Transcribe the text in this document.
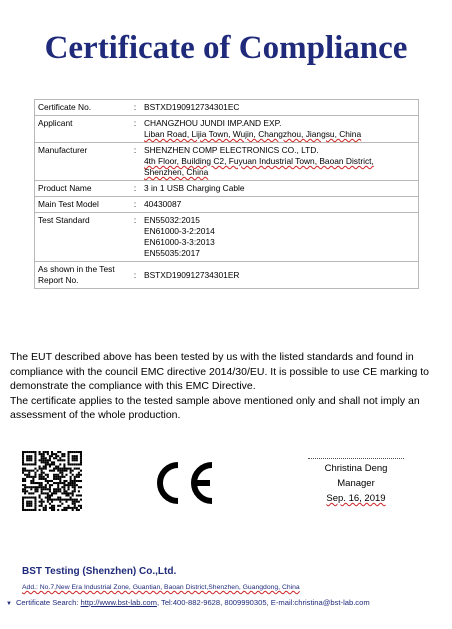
Certificate of Compliance
Certificate No.	:	BSTXD190912734301EC
Applicant	:	CHANGZHOU JUNDI IMP.AND EXP.
Liban Road, Lijia Town, Wujin, Changzhou, Jiangsu, China

Manufacturer	:	SHENZHEN COMP ELECTRONICS CO., LTD.
4th Floor, Building C2, Fuyuan Industrial Town, Baoan District,
Shenzhen, China

Product Name	:	3 in 1 USB Charging Cable
Main Test Model	:	40430087
Test Standard	:	EN55032:2015
EN61000-3-2:2014
EN61000-3-3:2013
EN55035:2017

As shown in the Test Report No.	:	BSTXD190912734301ER

The EUT described above has been tested by us with the listed standards and found in compliance with the council EMC directive 2014/30/EU. It is possible to use CE marking to demonstrate the compliance with this EMC Directive.

The certificate applies to the tested sample above mentioned only and shall not imply an assessment of the whole production.

Christina Deng
Manager
Sep. 16, 2019
BST Testing (Shenzhen) Co.,Ltd.
Add.: No.7,New Era Industrial Zone, Guantian, Baoan District,Shenzhen, Guangdong, China
▼ Certificate Search: http://www.bst-lab.com, Tel:400-882-9628, 8009990305, E-mail:christina@bst-lab.com
